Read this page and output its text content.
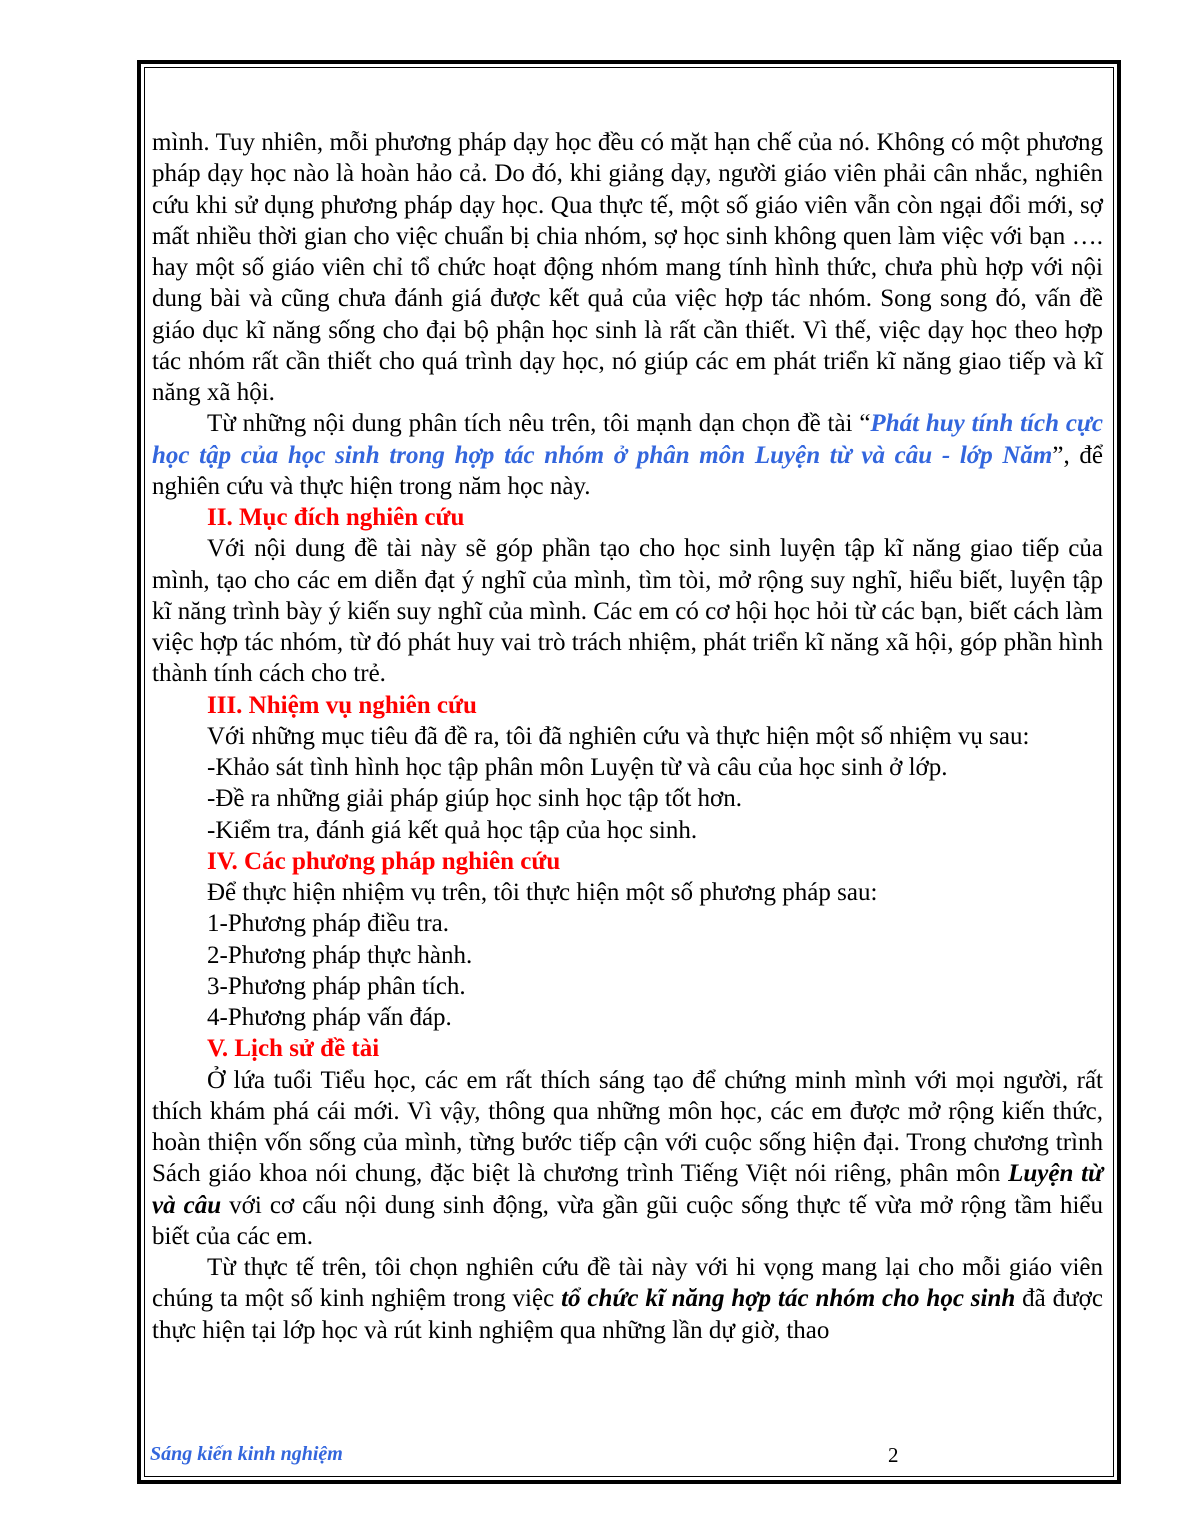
mình. Tuy nhiên, mỗi phương pháp dạy học đều có mặt hạn chế của nó. Không có một phương pháp dạy học nào là hoàn hảo cả. Do đó, khi giảng dạy, người giáo viên phải cân nhắc, nghiên cứu khi sử dụng phương pháp dạy học. Qua thực tế, một số giáo viên vẫn còn ngại đổi mới, sợ mất nhiều thời gian cho việc chuẩn bị chia nhóm, sợ học sinh không quen làm việc với bạn …. hay một số giáo viên chỉ tổ chức hoạt động nhóm mang tính hình thức, chưa phù hợp với nội dung bài và cũng chưa đánh giá được kết quả của việc hợp tác nhóm. Song song đó, vấn đề giáo dục kĩ năng sống cho đại bộ phận học sinh là rất cần thiết. Vì thế, việc dạy học theo hợp tác nhóm rất cần thiết cho quá trình dạy học, nó giúp các em phát triển kĩ năng giao tiếp và kĩ năng xã hội.

Từ những nội dung phân tích nêu trên, tôi mạnh dạn chọn đề tài “Phát huy tính tích cực học tập của học sinh trong hợp tác nhóm ở phân môn Luyện từ và câu - lớp Năm”, để nghiên cứu và thực hiện trong năm học này.

II. Mục đích nghiên cứu

Với nội dung đề tài này sẽ góp phần tạo cho học sinh luyện tập kĩ năng giao tiếp của mình, tạo cho các em diễn đạt ý nghĩ của mình, tìm tòi, mở rộng suy nghĩ, hiểu biết, luyện tập kĩ năng trình bày ý kiến suy nghĩ của mình. Các em có cơ hội học hỏi từ các bạn, biết cách làm việc hợp tác nhóm, từ đó phát huy vai trò trách nhiệm, phát triển kĩ năng xã hội, góp phần hình thành tính cách cho trẻ.

III. Nhiệm vụ nghiên cứu

Với những mục tiêu đã đề ra, tôi đã nghiên cứu và thực hiện một số nhiệm vụ sau:

-Khảo sát tình hình học tập phân môn Luyện từ và câu của học sinh ở lớp.

-Đề ra những giải pháp giúp học sinh học tập tốt hơn.

-Kiểm tra, đánh giá kết quả học tập của học sinh.

IV. Các phương pháp nghiên cứu

Để thực hiện nhiệm vụ trên, tôi thực hiện một số phương pháp sau:

1-Phương pháp điều tra.

2-Phương pháp thực hành.

3-Phương pháp phân tích.

4-Phương pháp vấn đáp.

V. Lịch sử đề tài

Ở lứa tuổi Tiểu học, các em rất thích sáng tạo để chứng minh mình với mọi người, rất thích khám phá cái mới. Vì vậy, thông qua những môn học, các em được mở rộng kiến thức, hoàn thiện vốn sống của mình, từng bước tiếp cận với cuộc sống hiện đại. Trong chương trình Sách giáo khoa nói chung, đặc biệt là chương trình Tiếng Việt nói riêng, phân môn Luyện từ và câu với cơ cấu nội dung sinh động, vừa gần gũi cuộc sống thực tế vừa mở rộng tầm hiểu biết của các em.

Từ thực tế trên, tôi chọn nghiên cứu đề tài này với hi vọng mang lại cho mỗi giáo viên chúng ta một số kinh nghiệm trong việc tổ chức kĩ năng hợp tác nhóm cho học sinh đã được thực hiện tại lớp học và rút kinh nghiệm qua những lần dự giờ, thao

Sáng kiến kinh nghiệm	2
